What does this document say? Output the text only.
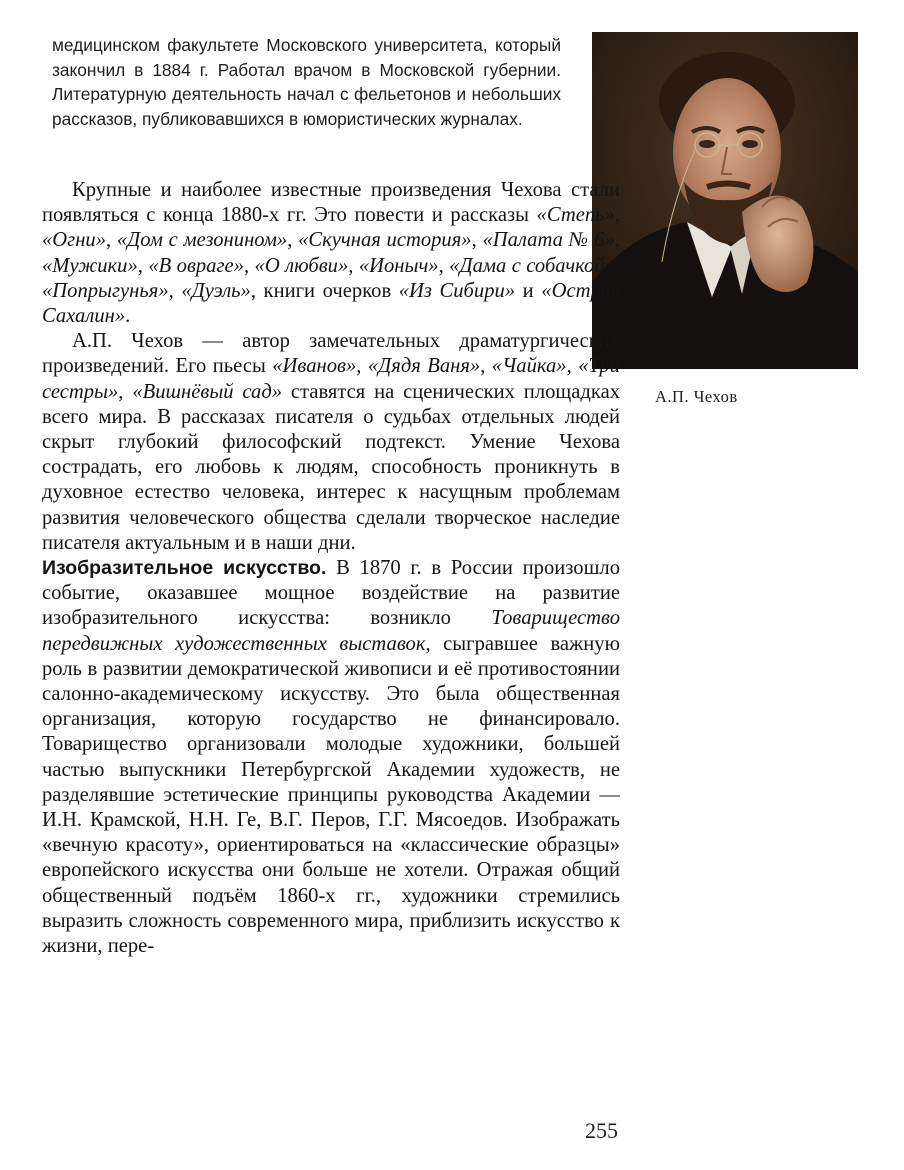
медицинском факультете Московского университета, который закончил в 1884 г. Работал врачом в Московской губернии. Литературную деятельность начал с фельетонов и небольших рассказов, публиковавшихся в юмористических журналах.
А.П. Чехов

Крупные и наиболее известные произведения Чехова стали появляться с конца 1880-х гг. Это повести и рассказы «Степь», «Огни», «Дом с мезонином», «Скучная история», «Палата № 6», «Мужики», «В овраге», «О любви», «Ионыч», «Дама с собачкой», «Попрыгунья», «Дуэль», книги очерков «Из Сибири» и «Остров Сахалин».

А.П. Чехов — автор замечательных драматургических произведений. Его пьесы «Иванов», «Дядя Ваня», «Чайка», «Три сестры», «Вишнёвый сад» ставятся на сценических площадках всего мира. В рассказах писателя о судьбах отдельных людей скрыт глубокий философский подтекст. Умение Чехова сострадать, его любовь к людям, способность проникнуть в духовное естество человека, интерес к насущным проблемам развития человеческого общества сделали творческое наследие писателя актуальным и в наши дни.

Изобразительное искусство. В 1870 г. в России произошло событие, оказавшее мощное воздействие на развитие изобразительного искусства: возникло Товарищество передвижных художественных выставок, сыгравшее важную роль в развитии демократической живописи и её противостоянии салонно-академическому искусству. Это была общественная организация, которую государство не финансировало. Товарищество организовали молодые художники, большей частью выпускники Петербургской Академии художеств, не разделявшие эстетические принципы руководства Академии — И.Н. Крамской, Н.Н. Ге, В.Г. Перов, Г.Г. Мясоедов. Изображать «вечную красоту», ориентироваться на «классические образцы» европейского искусства они больше не хотели. Отражая общий общественный подъём 1860-х гг., художники стремились выразить сложность современного мира, приблизить искусство к жизни, пере-

255
